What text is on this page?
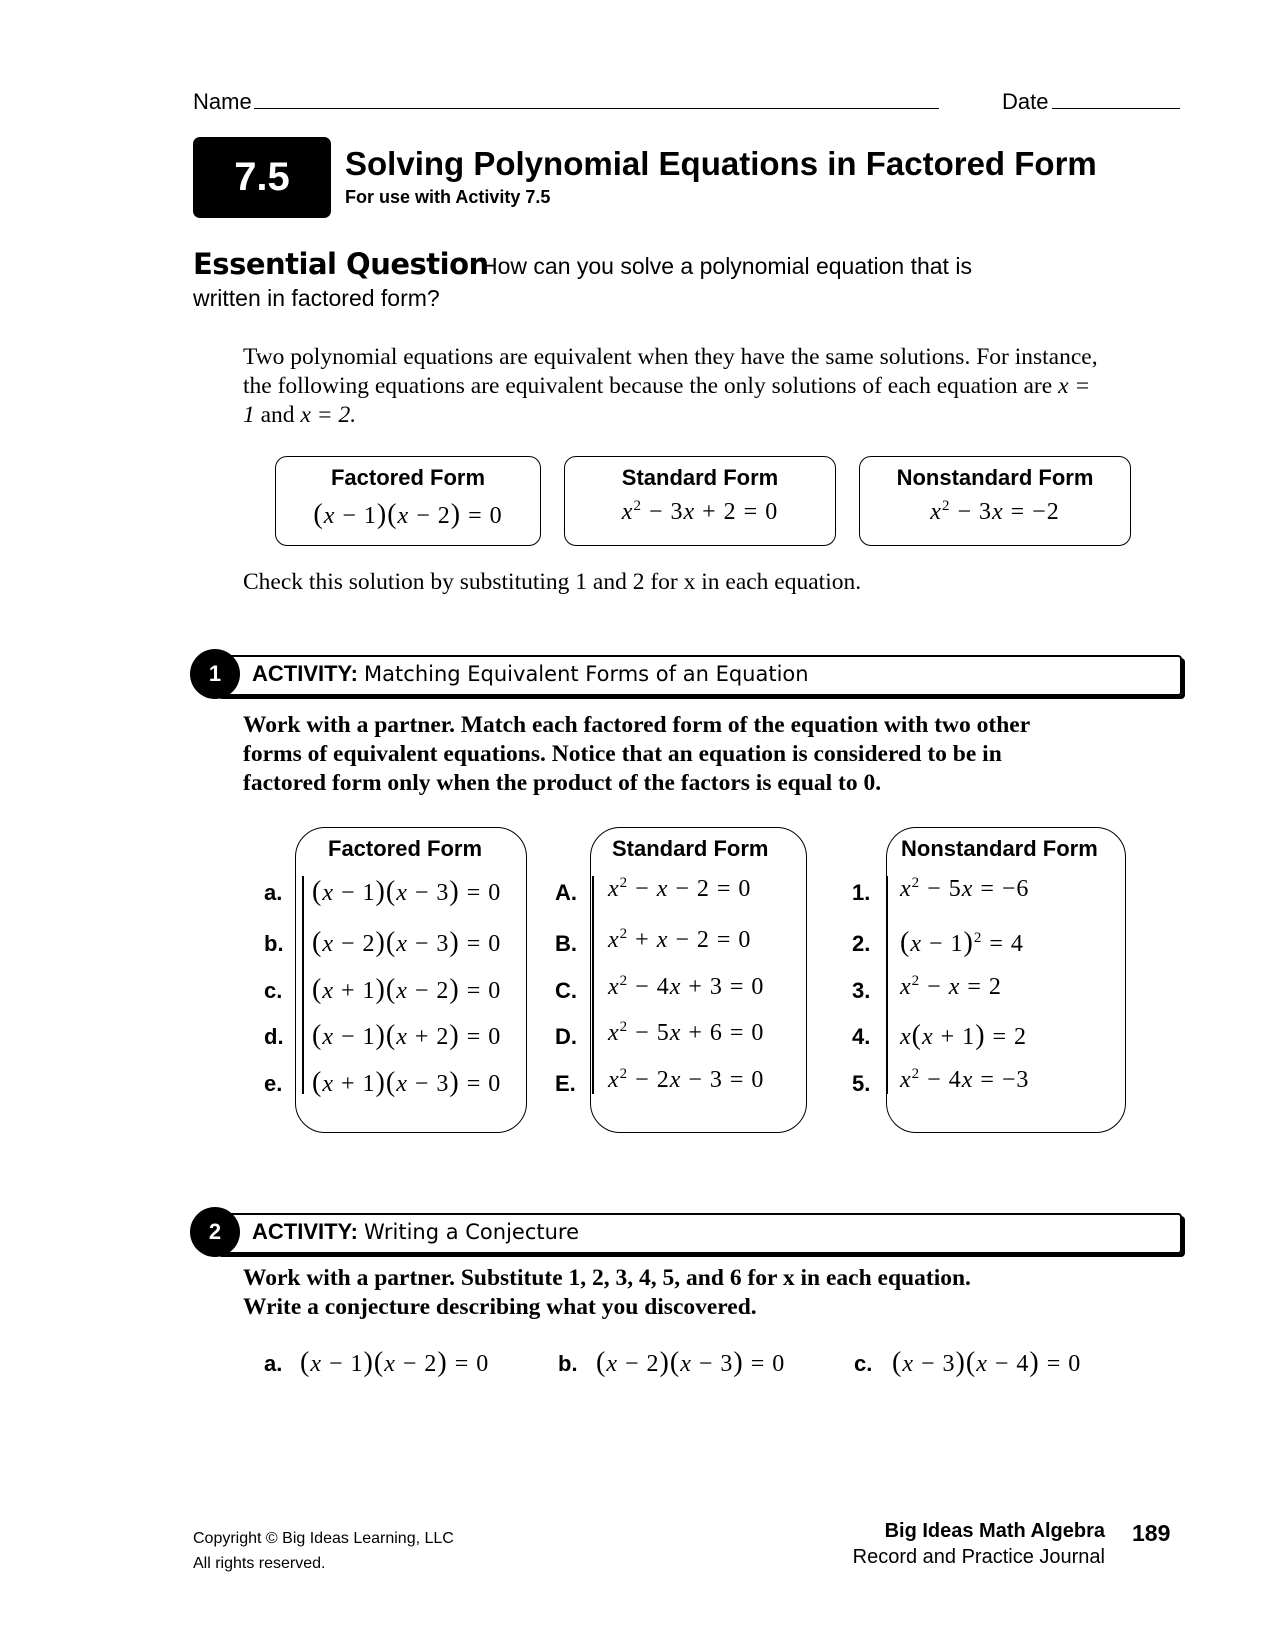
Name	Date
7.5	Solving Polynomial Equations in Factored Form
For use with Activity 7.5
Essential Question
How can you solve a polynomial equation that is
written in factored form?
Two polynomial equations are equivalent when they have the same solutions. For instance, the following equations are equivalent because the only solutions of each equation are x = 1 and x = 2.
Factored Form
(x − 1)(x − 2) = 0
Standard Form
$x^2 - 3x + 2 = 0$
Nonstandard Form
$x^2 - 3x = -2$
Check this solution by substituting 1 and 2 for x in each equation.
1	ACTIVITY: Matching Equivalent Forms of an Equation
Work with a partner. Match each factored form of the equation with two other
forms of equivalent equations. Notice that an equation is considered to be in
factored form only when the product of the factors is equal to 0.
Factored Form	Standard Form	Nonstandard Form
a. (x − 1)(x − 3) = 0
b. (x − 2)(x − 3) = 0
c. (x + 1)(x − 2) = 0
d. (x − 1)(x + 2) = 0
e. (x + 1)(x − 3) = 0
A. $x^2 - x - 2 = 0$
B. $x^2 + x - 2 = 0$
C. $x^2 - 4x + 3 = 0$
D. $x^2 - 5x + 6 = 0$
E. $x^2 - 2x - 3 = 0$
1. $x^2 - 5x = -6$
2. $(x - 1)^2 = 4$
3. $x^2 - x = 2$
4. x(x + 1) = 2
5. $x^2 - 4x = -3$
2	ACTIVITY: Writing a Conjecture
Work with a partner. Substitute 1, 2, 3, 4, 5, and 6 for x in each equation.
Write a conjecture describing what you discovered.
a. (x − 1)(x − 2) = 0	b. (x − 2)(x − 3) = 0	c. (x − 3)(x − 4) = 0
Copyright © Big Ideas Learning, LLC
All rights reserved.
Big Ideas Math Algebra
Record and Practice Journal
189
